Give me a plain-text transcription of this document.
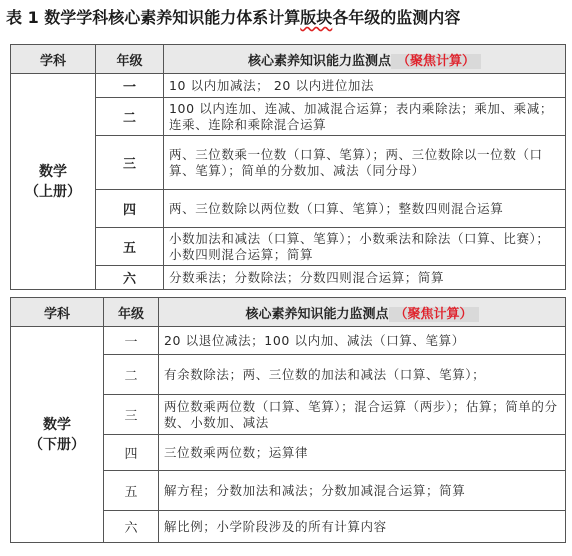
表 1 数学学科核心素养知识能力体系计算版块各年级的监测内容
学科	年级	核心素养知识能力监测点 （聚焦计算）

数学
（上册）	一	10 以内加减法； 20 以内进位加法
	二	100 以内连加、连减、加减混合运算；表内乘除法；乘加、乘减； 连乘、连除和乘除混合运算
	三	两、三位数乘一位数（口算、笔算）；两、三位数除以一位数（口算、笔算）；简单的分数加、减法（同分母）
	四	两、三位数除以两位数（口算、笔算）；整数四则混合运算
	五	小数加法和减法（口算、笔算）；小数乘法和除法（口算、比赛）；小数四则混合运算；简算
	六	分数乘法；分数除法；分数四则混合运算；简算
学科	年级	核心素养知识能力监测点 （聚焦计算）

数学
（下册）	一	20 以退位减法；100 以内加、减法（口算、笔算）
	二	有余数除法；两、三位数的加法和减法（口算、笔算）；
	三	两位数乘两位数（口算、笔算）；混合运算（两步）；估算；简单的分数、小数加、减法
	四	三位数乘两位数；运算律
	五	解方程；分数加法和减法；分数加减混合运算；简算
	六	解比例；小学阶段涉及的所有计算内容
